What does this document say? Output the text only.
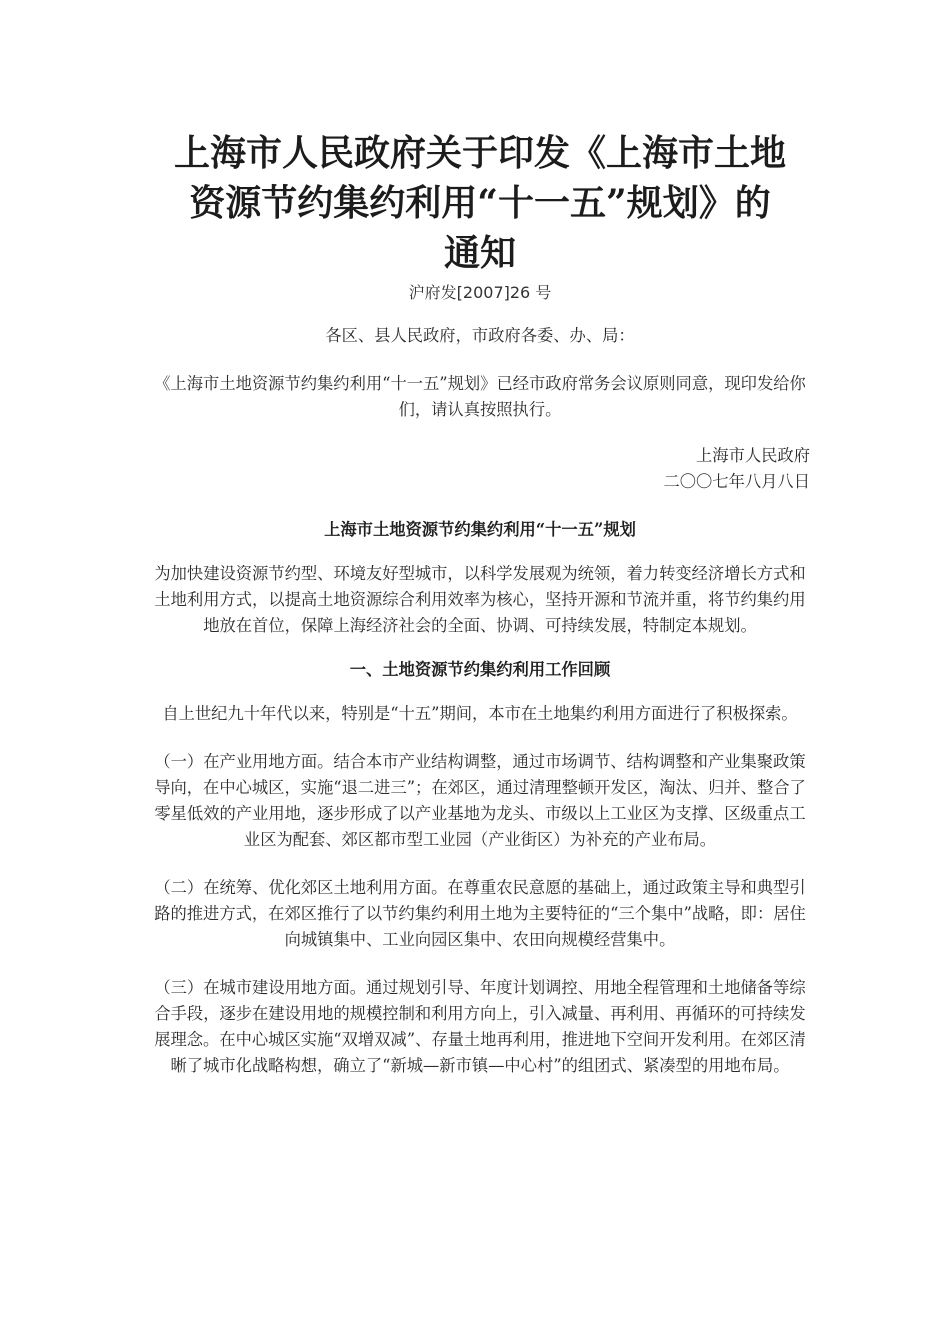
上海市人民政府关于印发《上海市土地
资源节约集约利用“十一五”规划》的
通知

沪府发[2007]26 号

各区、县人民政府，市政府各委、办、局：

《上海市土地资源节约集约利用“十一五”规划》已经市政府常务会议原则同意，现印发给你们，请认真按照执行。

上海市人民政府
二〇〇七年八月八日

上海市土地资源节约集约利用“十一五”规划

为加快建设资源节约型、环境友好型城市，以科学发展观为统领，着力转变经济增长方式和土地利用方式，以提高土地资源综合利用效率为核心，坚持开源和节流并重，将节约集约用地放在首位，保障上海经济社会的全面、协调、可持续发展，特制定本规划。

一、土地资源节约集约利用工作回顾

自上世纪九十年代以来，特别是“十五”期间，本市在土地集约利用方面进行了积极探索。

（一）在产业用地方面。结合本市产业结构调整，通过市场调节、结构调整和产业集聚政策导向，在中心城区，实施“退二进三”；在郊区，通过清理整顿开发区，淘汰、归并、整合了零星低效的产业用地，逐步形成了以产业基地为龙头、市级以上工业区为支撑、区级重点工业区为配套、郊区都市型工业园（产业街区）为补充的产业布局。

（二）在统筹、优化郊区土地利用方面。在尊重农民意愿的基础上，通过政策主导和典型引路的推进方式，在郊区推行了以节约集约利用土地为主要特征的“三个集中”战略，即：居住向城镇集中、工业向园区集中、农田向规模经营集中。

（三）在城市建设用地方面。通过规划引导、年度计划调控、用地全程管理和土地储备等综合手段，逐步在建设用地的规模控制和利用方向上，引入减量、再利用、再循环的可持续发展理念。在中心城区实施“双增双减”、存量土地再利用，推进地下空间开发利用。在郊区清晰了城市化战略构想，确立了“新城—新市镇—中心村”的组团式、紧凑型的用地布局。
